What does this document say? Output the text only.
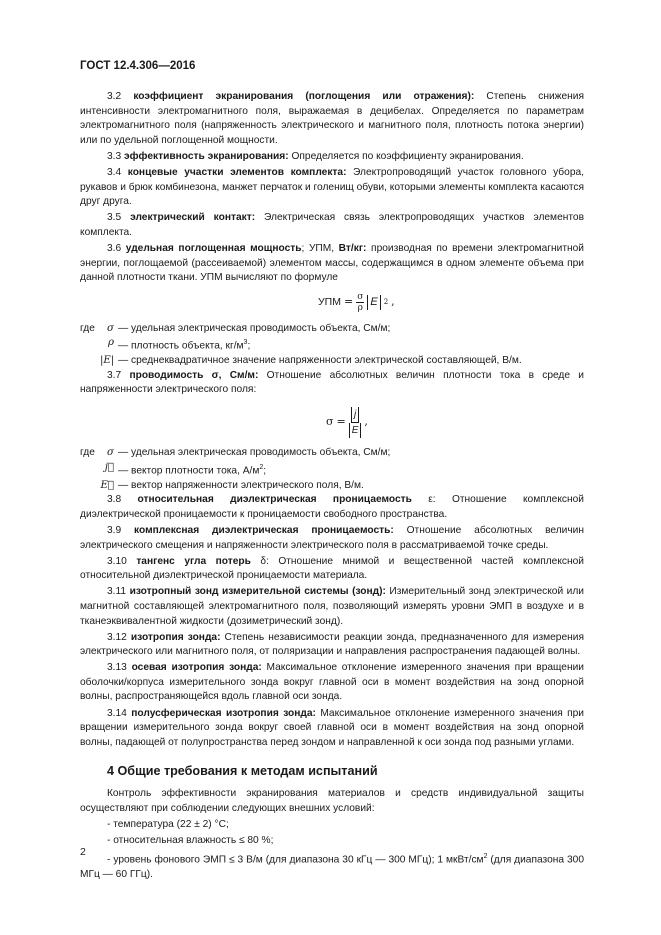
ГОСТ 12.4.306—2016

3.2 коэффициент экранирования (поглощения или отражения): Степень снижения интенсивности электромагнитного поля, выражаемая в децибелах. Определяется по параметрам электромагнитного поля (напряженность электрического и магнитного поля, плотность потока энергии) или по удельной поглощенной мощности.

3.3 эффективность экранирования: Определяется по коэффициенту экранирования.

3.4 концевые участки элементов комплекта: Электропроводящий участок головного убора, рукавов и брюк комбинезона, манжет перчаток и голенищ обуви, которыми элементы комплекта касаются друг друга.

3.5 электрический контакт: Электрическая связь электропроводящих участков элементов комплекта.

3.6 удельная поглощенная мощность; УПМ, Вт/кг: производная по времени электромагнитной энергии, поглощаемой (рассеиваемой) элементом массы, содержащимся в одном элементе объема при данной плотности ткани. УПМ вычисляют по формуле

УПМ = $\frac{\sigma}{\rho}$ E 2 ,
где	σ — удельная электрическая проводимость объекта, См/м;
ρ — плотность объекта, $кг/м^3$;
|E| — среднеквадратичное значение напряженности электрической составляющей, В/м.

3.7 проводимость σ, См/м: Отношение абсолютных величин плотности тока в среде и напряженности электрического поля:

$\sigma = \frac{j}{E}$ ,
где	σ — удельная электрическая проводимость объекта, См/м;
j⃗ — вектор плотности тока, $А/м^2$;
E⃗ — вектор напряженности электрического поля, В/м.

3.8 относительная диэлектрическая проницаемость ε: Отношение комплексной диэлектрической проницаемости к проницаемости свободного пространства.

3.9 комплексная диэлектрическая проницаемость: Отношение абсолютных величин электрического смещения и напряженности электрического поля в рассматриваемой точке среды.

3.10 тангенс угла потерь δ: Отношение мнимой и вещественной частей комплексной относительной диэлектрической проницаемости материала.

3.11 изотропный зонд измерительной системы (зонд): Измерительный зонд электрической или магнитной составляющей электромагнитного поля, позволяющий измерять уровни ЭМП в воздухе и в тканеэквивалентной жидкости (дозиметрический зонд).

3.12 изотропия зонда: Степень независимости реакции зонда, предназначенного для измерения электрического или магнитного поля, от поляризации и направления распространения падающей волны.

3.13 осевая изотропия зонда: Максимальное отклонение измеренного значения при вращении оболочки/корпуса измерительного зонда вокруг главной оси в момент воздействия на зонд опорной волны, распространяющейся вдоль главной оси зонда.

3.14 полусферическая изотропия зонда: Максимальное отклонение измеренного значения при вращении измерительного зонда вокруг своей главной оси в момент воздействия на зонд опорной волны, падающей от полупространства перед зондом и направленной к оси зонда под разными углами.

4 Общие требования к методам испытаний

Контроль эффективности экранирования материалов и средств индивидуальной защиты осуществляют при соблюдении следующих внешних условий:

- температура (22 ± 2) °С;

- относительная влажность ≤ 80 %;

- уровень фонового ЭМП ≤ 3 В/м (для диапазона 30 кГц — 300 МГц); 1 мкВт/$см^2$ (для диапазона 300 МГц — 60 ГГц).

2
